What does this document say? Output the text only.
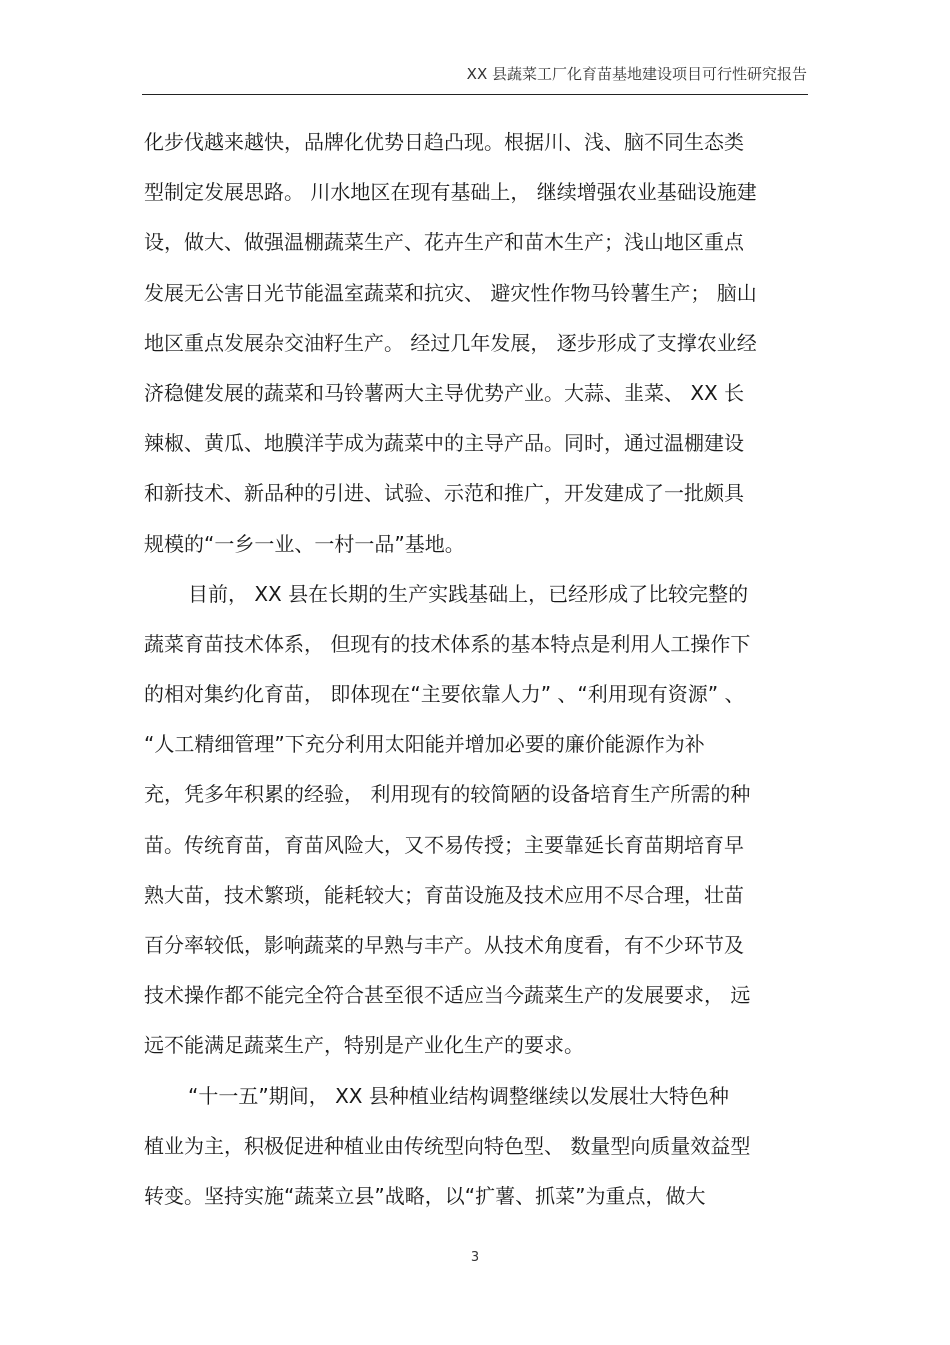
XX 县蔬菜工厂化育苗基地建设项目可行性研究报告
化步伐越来越快，品牌化优势日趋凸现。根据川、浅、脑不同生态类
型制定发展思路。 川水地区在现有基础上， 继续增强农业基础设施建
设，做大、做强温棚蔬菜生产、花卉生产和苗木生产；浅山地区重点
发展无公害日光节能温室蔬菜和抗灾、 避灾性作物马铃薯生产； 脑山
地区重点发展杂交油籽生产。 经过几年发展， 逐步形成了支撑农业经
济稳健发展的蔬菜和马铃薯两大主导优势产业。大蒜、韭菜、 XX 长
辣椒、黄瓜、地膜洋芋成为蔬菜中的主导产品。同时，通过温棚建设
和新技术、新品种的引进、试验、示范和推广，开发建成了一批颇具
规模的“一乡一业、一村一品”基地。
目前， XX 县在长期的生产实践基础上，已经形成了比较完整的
蔬菜育苗技术体系， 但现有的技术体系的基本特点是利用人工操作下
的相对集约化育苗， 即体现在“主要依靠人力” 、“利用现有资源” 、
“人工精细管理”下充分利用太阳能并增加必要的廉价能源作为补
充，凭多年积累的经验， 利用现有的较简陋的设备培育生产所需的种
苗。传统育苗，育苗风险大，又不易传授；主要靠延长育苗期培育早
熟大苗，技术繁琐，能耗较大；育苗设施及技术应用不尽合理，壮苗
百分率较低，影响蔬菜的早熟与丰产。从技术角度看，有不少环节及
技术操作都不能完全符合甚至很不适应当今蔬菜生产的发展要求， 远
远不能满足蔬菜生产，特别是产业化生产的要求。
“十一五”期间， XX 县种植业结构调整继续以发展壮大特色种
植业为主，积极促进种植业由传统型向特色型、 数量型向质量效益型
转变。坚持实施“蔬菜立县”战略，以“扩薯、抓菜”为重点，做大
3
